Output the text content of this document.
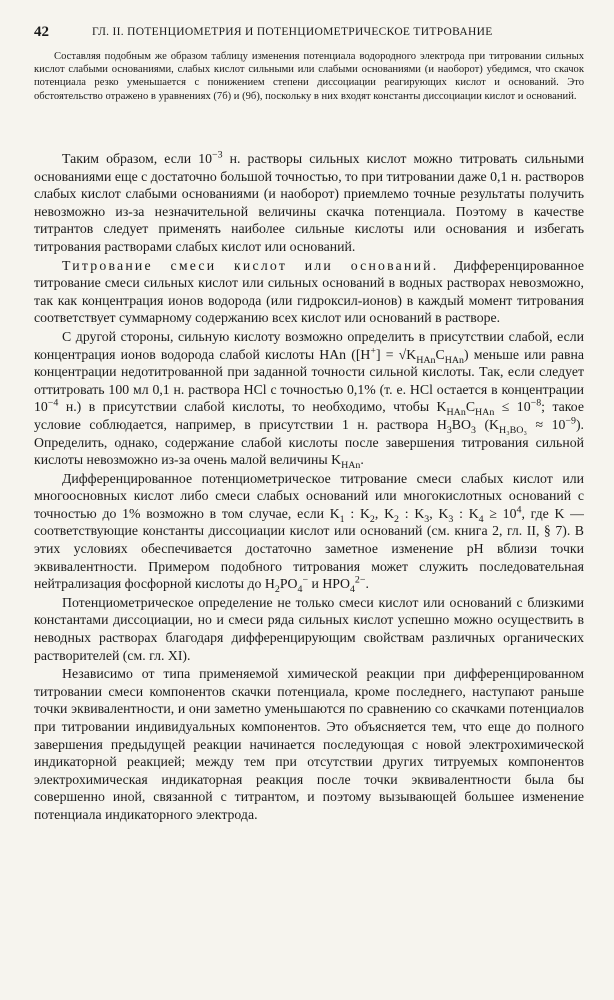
42	ГЛ. II. ПОТЕНЦИОМЕТРИЯ И ПОТЕНЦИОМЕТРИЧЕСКОЕ ТИТРОВАНИЕ

Составляя подобным же образом таблицу изменения потенциала водородного электрода при титровании сильных кислот слабыми основаниями, слабых кислот сильными или слабыми основаниями (и наоборот) убедимся, что скачок потенциала резко уменьшается с понижением степени диссоциации реагирующих кислот и оснований. Это обстоятельство отражено в уравнениях (7б) и (9б), поскольку в них входят константы диссоциации кислот и оснований.

Таким образом, если $10^{-3}$ н. растворы сильных кислот можно титровать сильными основаниями еще с достаточно большой точностью, то при титровании даже 0,1 н. растворов слабых кислот слабыми основаниями (и наоборот) приемлемо точные результаты получить невозможно из-за незначительной величины скачка потенциала. Поэтому в качестве титрантов следует применять наиболее сильные кислоты или основания и избегать титрования растворами слабых кислот или оснований.

Титрование смеси кислот или оснований. Дифференцированное титрование смеси сильных кислот или сильных оснований в водных растворах невозможно, так как концентрация ионов водорода (или гидроксил-ионов) в каждый момент титрования соответствует суммарному содержанию всех кислот или оснований в растворе.

С другой стороны, сильную кислоту возможно определить в присутствии слабой, если концентрация ионов водорода слабой кислоты HAn $([H^+] = √K_{HAn}C_{HAn})$ меньше или равна концентрации недотитрованной при заданной точности сильной кислоты. Так, если следует оттитровать 100 мл 0,1 н. раствора HCl с точностью 0,1% (т. е. HCl остается в концентрации $10^{-4}$ н.) в присутствии слабой кислоты, то необходимо, чтобы $K_{HAn}C_{HAn} \le 10^{-8}$; такое условие соблюдается, например, в присутствии 1 н. раствора $H_3BO_3$ $(K_{H_3BO_3} \approx 10^{-9})$. Определить, однако, содержание слабой кислоты после завершения титрования сильной кислоты невозможно из-за очень малой величины $K_{HAn}$.

Дифференцированное потенциометрическое титрование смеси слабых кислот или многоосновных кислот либо смеси слабых оснований или многокислотных оснований с точностью до 1% возможно в том случае, если $K_1$ : $K_2$, $K_2$ : $K_3$, $K_3$ : $K_4 \ge 10^4$, где K — соответствующие константы диссоциации кислот или оснований (см. книга 2, гл. II, § 7). В этих условиях обеспечивается достаточно заметное изменение pH вблизи точки эквивалентности. Примером подобного титрования может служить последовательная нейтрализация фосфорной кислоты до $H_2PO_4^-$ и $HPO_4^{2-}$.

Потенциометрическое определение не только смеси кислот или оснований с близкими константами диссоциации, но и смеси ряда сильных кислот успешно можно осуществить в неводных растворах благодаря дифференцирующим свойствам различных органических растворителей (см. гл. XI).

Независимо от типа применяемой химической реакции при дифференцированном титровании смеси компонентов скачки потенциала, кроме последнего, наступают раньше точки эквивалентности, и они заметно уменьшаются по сравнению со скачками потенциалов при титровании индивидуальных компонентов. Это объясняется тем, что еще до полного завершения предыдущей реакции начинается последующая с новой электрохимической индикаторной реакцией; между тем при отсутствии других титруемых компонентов электрохимическая индикаторная реакция после точки эквивалентности была бы совершенно иной, связанной с титрантом, и поэтому вызывающей большее изменение потенциала индикаторного электрода.
